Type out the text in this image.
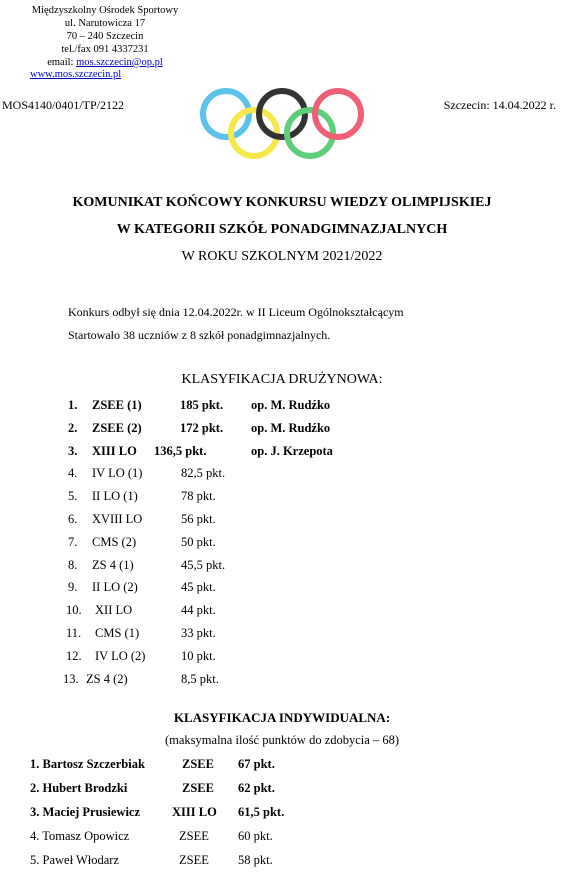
Międzyszkolny Ośrodek Sportowy
ul. Narutowicza 17
70 – 240 Szczecin
tel./fax 091 4337231
email: mos.szczecin@op.pl
www.mos.szczecin.pl
MOS4140/0401/TP/2122	Szczecin: 14.04.2022 r.
KOMUNIKAT KOŃCOWY KONKURSU WIEDZY OLIMPIJSKIEJ
W KATEGORII SZKÓŁ PONADGIMNAZJALNYCH
W ROKU SZKOLNYM 2021/2022
Konkurs odbył się dnia 12.04.2022r. w II Liceum Ogólnokształcącym
Startowało 38 uczniów z 8 szkół ponadgimnazjalnych.
KLASYFIKACJA DRUŻYNOWA:
1. ZSEE (1)	185 pkt. op. M. Rudźko
2. ZSEE (2)	172 pkt. op. M. Rudźko
3. XIII LO 136,5 pkt.	op. J. Krzepota
4. IV LO (1)	82,5 pkt.
5. II LO (1)	78 pkt.
6. XVIII LO	56 pkt.
7. CMS (2)	50 pkt.
8. ZS 4 (1)	45,5 pkt.
9. II LO (2)	45 pkt.
10. XII LO	44 pkt.
11. CMS (1)	33 pkt.
12. IV LO (2)	10 pkt.
13. ZS 4 (2)	8,5 pkt.
KLASYFIKACJA INDYWIDUALNA:
(maksymalna ilość punktów do zdobycia – 68)
1. Bartosz Szczerbiak	ZSEE 67 pkt.
2. Hubert Brodzki	ZSEE 62 pkt.
3. Maciej Prusiewicz	XIII LO 61,5 pkt.
4. Tomasz Opowicz	ZSEE 60 pkt.
5. Paweł Włodarz	ZSEE 58 pkt.
